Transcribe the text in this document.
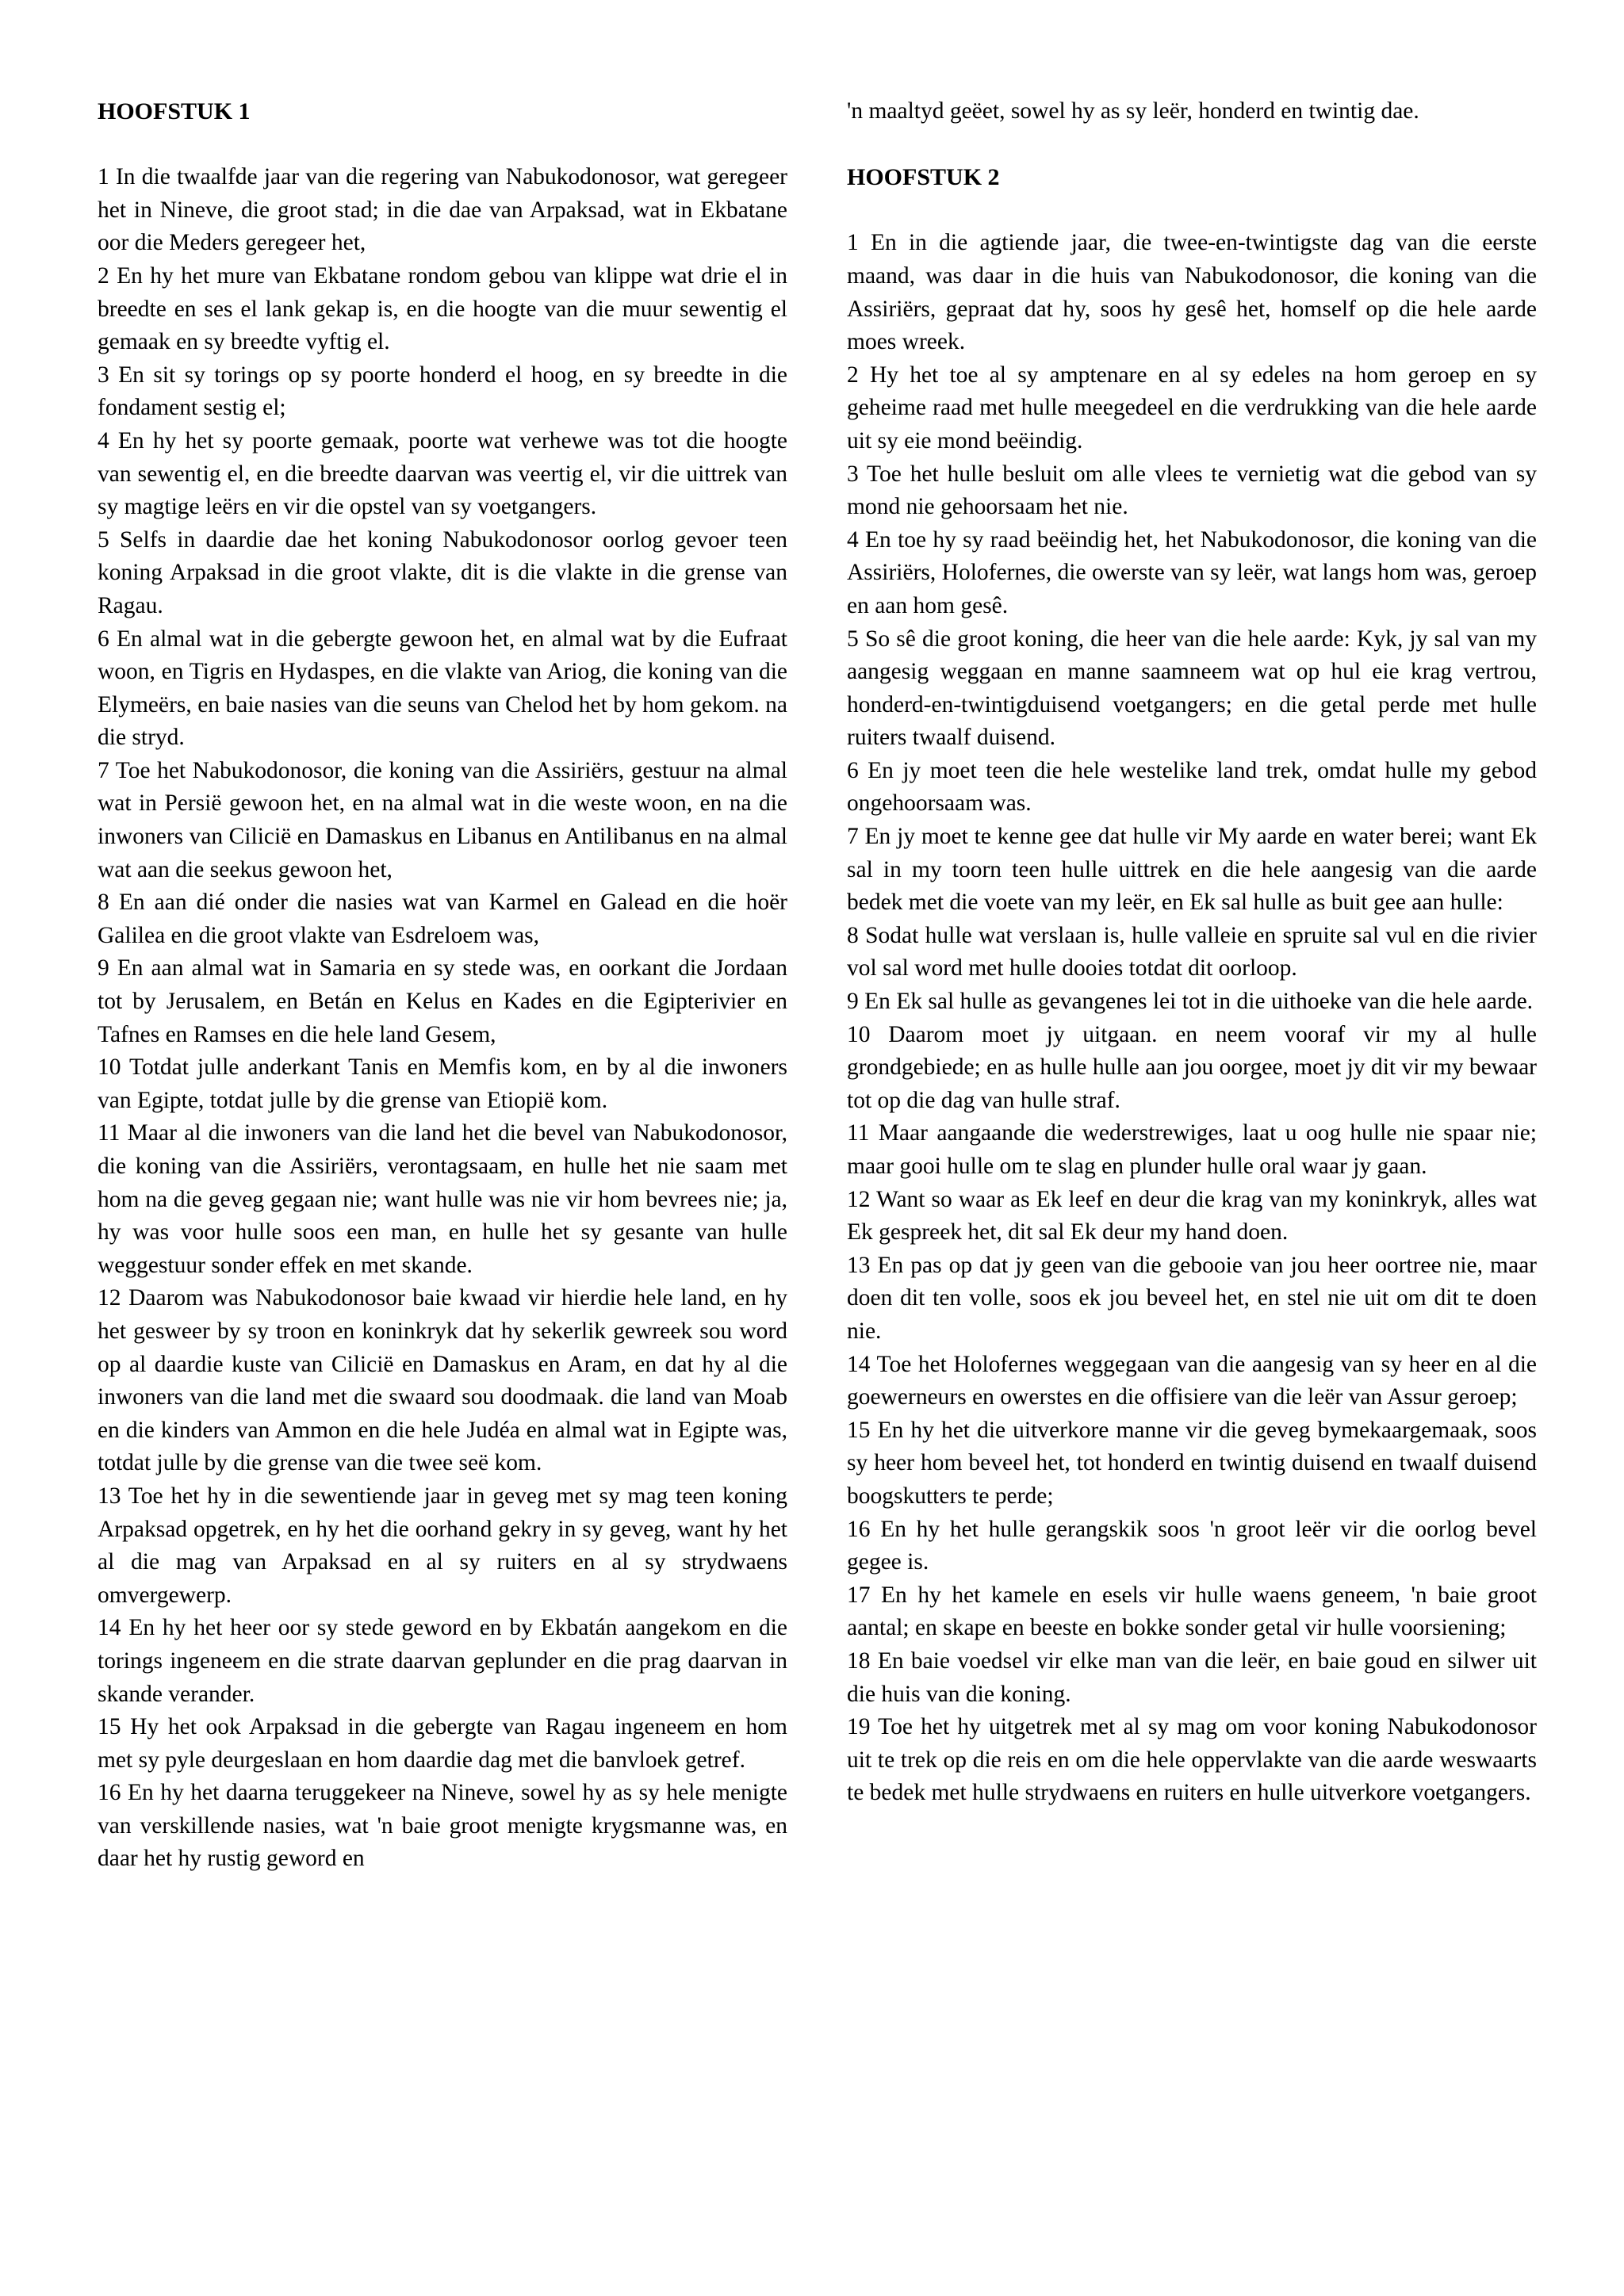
HOOFSTUK 1

1 In die twaalfde jaar van die regering van Nabukodonosor, wat geregeer het in Nineve, die groot stad; in die dae van Arpaksad, wat in Ekbatane oor die Meders geregeer het,

2 En hy het mure van Ekbatane rondom gebou van klippe wat drie el in breedte en ses el lank gekap is, en die hoogte van die muur sewentig el gemaak en sy breedte vyftig el.

3 En sit sy torings op sy poorte honderd el hoog, en sy breedte in die fondament sestig el;

4 En hy het sy poorte gemaak, poorte wat verhewe was tot die hoogte van sewentig el, en die breedte daarvan was veertig el, vir die uittrek van sy magtige leërs en vir die opstel van sy voetgangers.

5 Selfs in daardie dae het koning Nabukodonosor oorlog gevoer teen koning Arpaksad in die groot vlakte, dit is die vlakte in die grense van Ragau.

6 En almal wat in die gebergte gewoon het, en almal wat by die Eufraat woon, en Tigris en Hydaspes, en die vlakte van Ariog, die koning van die Elymeërs, en baie nasies van die seuns van Chelod het by hom gekom. na die stryd.

7 Toe het Nabukodonosor, die koning van die Assiriërs, gestuur na almal wat in Persië gewoon het, en na almal wat in die weste woon, en na die inwoners van Cilicië en Damaskus en Libanus en Antilibanus en na almal wat aan die seekus gewoon het,

8 En aan dié onder die nasies wat van Karmel en Galead en die hoër Galilea en die groot vlakte van Esdreloem was,

9 En aan almal wat in Samaria en sy stede was, en oorkant die Jordaan tot by Jerusalem, en Betán en Kelus en Kades en die Egipterivier en Tafnes en Ramses en die hele land Gesem,

10 Totdat julle anderkant Tanis en Memfis kom, en by al die inwoners van Egipte, totdat julle by die grense van Etiopië kom.

11 Maar al die inwoners van die land het die bevel van Nabukodonosor, die koning van die Assiriërs, verontagsaam, en hulle het nie saam met hom na die geveg gegaan nie; want hulle was nie vir hom bevrees nie; ja, hy was voor hulle soos een man, en hulle het sy gesante van hulle weggestuur sonder effek en met skande.

12 Daarom was Nabukodonosor baie kwaad vir hierdie hele land, en hy het gesweer by sy troon en koninkryk dat hy sekerlik gewreek sou word op al daardie kuste van Cilicië en Damaskus en Aram, en dat hy al die inwoners van die land met die swaard sou doodmaak. die land van Moab en die kinders van Ammon en die hele Judéa en almal wat in Egipte was, totdat julle by die grense van die twee seë kom.

13 Toe het hy in die sewentiende jaar in geveg met sy mag teen koning Arpaksad opgetrek, en hy het die oorhand gekry in sy geveg, want hy het al die mag van Arpaksad en al sy ruiters en al sy strydwaens omvergewerp.

14 En hy het heer oor sy stede geword en by Ekbatán aangekom en die torings ingeneem en die strate daarvan geplunder en die prag daarvan in skande verander.

15 Hy het ook Arpaksad in die gebergte van Ragau ingeneem en hom met sy pyle deurgeslaan en hom daardie dag met die banvloek getref.

16 En hy het daarna teruggekeer na Nineve, sowel hy as sy hele menigte van verskillende nasies, wat 'n baie groot menigte krygsmanne was, en daar het hy rustig geword en

'n maaltyd geëet, sowel hy as sy leër, honderd en twintig dae.

HOOFSTUK 2

1 En in die agtiende jaar, die twee-en-twintigste dag van die eerste maand, was daar in die huis van Nabukodonosor, die koning van die Assiriërs, gepraat dat hy, soos hy gesê het, homself op die hele aarde moes wreek.

2 Hy het toe al sy amptenare en al sy edeles na hom geroep en sy geheime raad met hulle meegedeel en die verdrukking van die hele aarde uit sy eie mond beëindig.

3 Toe het hulle besluit om alle vlees te vernietig wat die gebod van sy mond nie gehoorsaam het nie.

4 En toe hy sy raad beëindig het, het Nabukodonosor, die koning van die Assiriërs, Holofernes, die owerste van sy leër, wat langs hom was, geroep en aan hom gesê.

5 So sê die groot koning, die heer van die hele aarde: Kyk, jy sal van my aangesig weggaan en manne saamneem wat op hul eie krag vertrou, honderd-en-twintigduisend voetgangers; en die getal perde met hulle ruiters twaalf duisend.

6 En jy moet teen die hele westelike land trek, omdat hulle my gebod ongehoorsaam was.

7 En jy moet te kenne gee dat hulle vir My aarde en water berei; want Ek sal in my toorn teen hulle uittrek en die hele aangesig van die aarde bedek met die voete van my leër, en Ek sal hulle as buit gee aan hulle:

8 Sodat hulle wat verslaan is, hulle valleie en spruite sal vul en die rivier vol sal word met hulle dooies totdat dit oorloop.

9 En Ek sal hulle as gevangenes lei tot in die uithoeke van die hele aarde.

10 Daarom moet jy uitgaan. en neem vooraf vir my al hulle grondgebiede; en as hulle hulle aan jou oorgee, moet jy dit vir my bewaar tot op die dag van hulle straf.

11 Maar aangaande die wederstrewiges, laat u oog hulle nie spaar nie; maar gooi hulle om te slag en plunder hulle oral waar jy gaan.

12 Want so waar as Ek leef en deur die krag van my koninkryk, alles wat Ek gespreek het, dit sal Ek deur my hand doen.

13 En pas op dat jy geen van die gebooie van jou heer oortree nie, maar doen dit ten volle, soos ek jou beveel het, en stel nie uit om dit te doen nie.

14 Toe het Holofernes weggegaan van die aangesig van sy heer en al die goewerneurs en owerstes en die offisiere van die leër van Assur geroep;

15 En hy het die uitverkore manne vir die geveg bymekaargemaak, soos sy heer hom beveel het, tot honderd en twintig duisend en twaalf duisend boogskutters te perde;

16 En hy het hulle gerangskik soos 'n groot leër vir die oorlog bevel gegee is.

17 En hy het kamele en esels vir hulle waens geneem, 'n baie groot aantal; en skape en beeste en bokke sonder getal vir hulle voorsiening;

18 En baie voedsel vir elke man van die leër, en baie goud en silwer uit die huis van die koning.

19 Toe het hy uitgetrek met al sy mag om voor koning Nabukodonosor uit te trek op die reis en om die hele oppervlakte van die aarde weswaarts te bedek met hulle strydwaens en ruiters en hulle uitverkore voetgangers.
